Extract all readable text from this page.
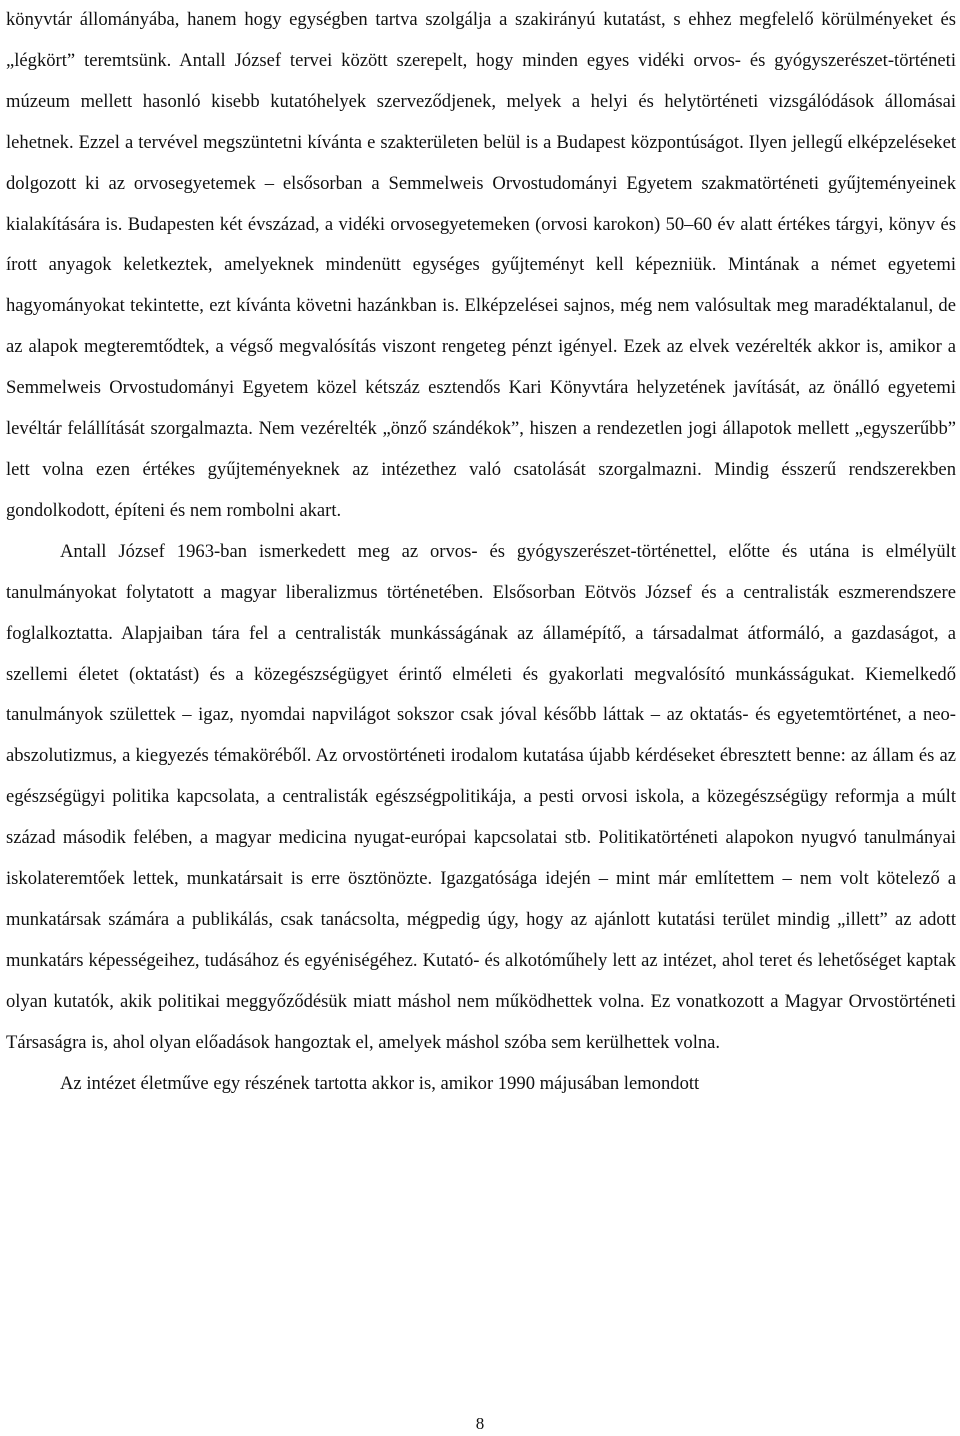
könyvtár állományába, hanem hogy egységben tartva szolgálja a szakirányú kutatást, s ehhez megfelelő körülményeket és „légkört” teremtsünk. Antall József tervei között szerepelt, hogy minden egyes vidéki orvos- és gyógyszerészet-történeti múzeum mellett hasonló kisebb kutatóhelyek szerveződjenek, melyek a helyi és helytörténeti vizsgálódások állomásai lehetnek. Ezzel a tervével megszüntetni kívánta e szakterületen belül is a Budapest központúságot. Ilyen jellegű elképzeléseket dolgozott ki az orvosegyetemek – elsősorban a Semmelweis Orvostudományi Egyetem szakmatörténeti gyűjteményeinek kialakítására is. Budapesten két évszázad, a vidéki orvosegyetemeken (orvosi karokon) 50–60 év alatt értékes tárgyi, könyv és írott anyagok keletkeztek, amelyeknek mindenütt egységes gyűjteményt kell képezniük. Mintának a német egyetemi hagyományokat tekintette, ezt kívánta követni hazánkban is. Elképzelései sajnos, még nem valósultak meg maradéktalanul, de az alapok megteremtődtek, a végső megvalósítás viszont rengeteg pénzt igényel. Ezek az elvek vezérelték akkor is, amikor a Semmelweis Orvostudományi Egyetem közel kétszáz esztendős Kari Könyvtára helyzetének javítását, az önálló egyetemi levéltár felállítását szorgalmazta. Nem vezérelték „önző szándékok”, hiszen a rendezetlen jogi állapotok mellett „egyszerűbb” lett volna ezen értékes gyűjteményeknek az intézethez való csatolását szorgalmazni. Mindig ésszerű rendszerekben gondolkodott, építeni és nem rombolni akart.

Antall József 1963-ban ismerkedett meg az orvos- és gyógyszerészet-történettel, előtte és utána is elmélyült tanulmányokat folytatott a magyar liberalizmus történetében. Elsősorban Eötvös József és a centralisták eszmerendszere foglalkoztatta. Alapjaiban tára fel a centralisták munkásságának az államépítő, a társadalmat átformáló, a gazdaságot, a szellemi életet (oktatást) és a közegészségügyet érintő elméleti és gyakorlati megvalósító munkásságukat. Kiemelkedő tanulmányok születtek – igaz, nyomdai napvilágot sokszor csak jóval később láttak – az oktatás- és egyetemtörténet, a neo-abszolutizmus, a kiegyezés témaköréből. Az orvostörténeti irodalom kutatása újabb kérdéseket ébresztett benne: az állam és az egészségügyi politika kapcsolata, a centralisták egészségpolitikája, a pesti orvosi iskola, a közegészségügy reformja a múlt század második felében, a magyar medicina nyugat-európai kapcsolatai stb. Politikatörténeti alapokon nyugvó tanulmányai iskolateremtőek lettek, munkatársait is erre ösztönözte. Igazgatósága idején – mint már említettem – nem volt kötelező a munkatársak számára a publikálás, csak tanácsolta, mégpedig úgy, hogy az ajánlott kutatási terület mindig „illett” az adott munkatárs képességeihez, tudásához és egyéniségéhez. Kutató- és alkotóműhely lett az intézet, ahol teret és lehetőséget kaptak olyan kutatók, akik politikai meggyőződésük miatt máshol nem működhettek volna. Ez vonatkozott a Magyar Orvostörténeti Társaságra is, ahol olyan előadások hangoztak el, amelyek máshol szóba sem kerülhettek volna.

Az intézet életműve egy részének tartotta akkor is, amikor 1990 májusában lemondott

8
